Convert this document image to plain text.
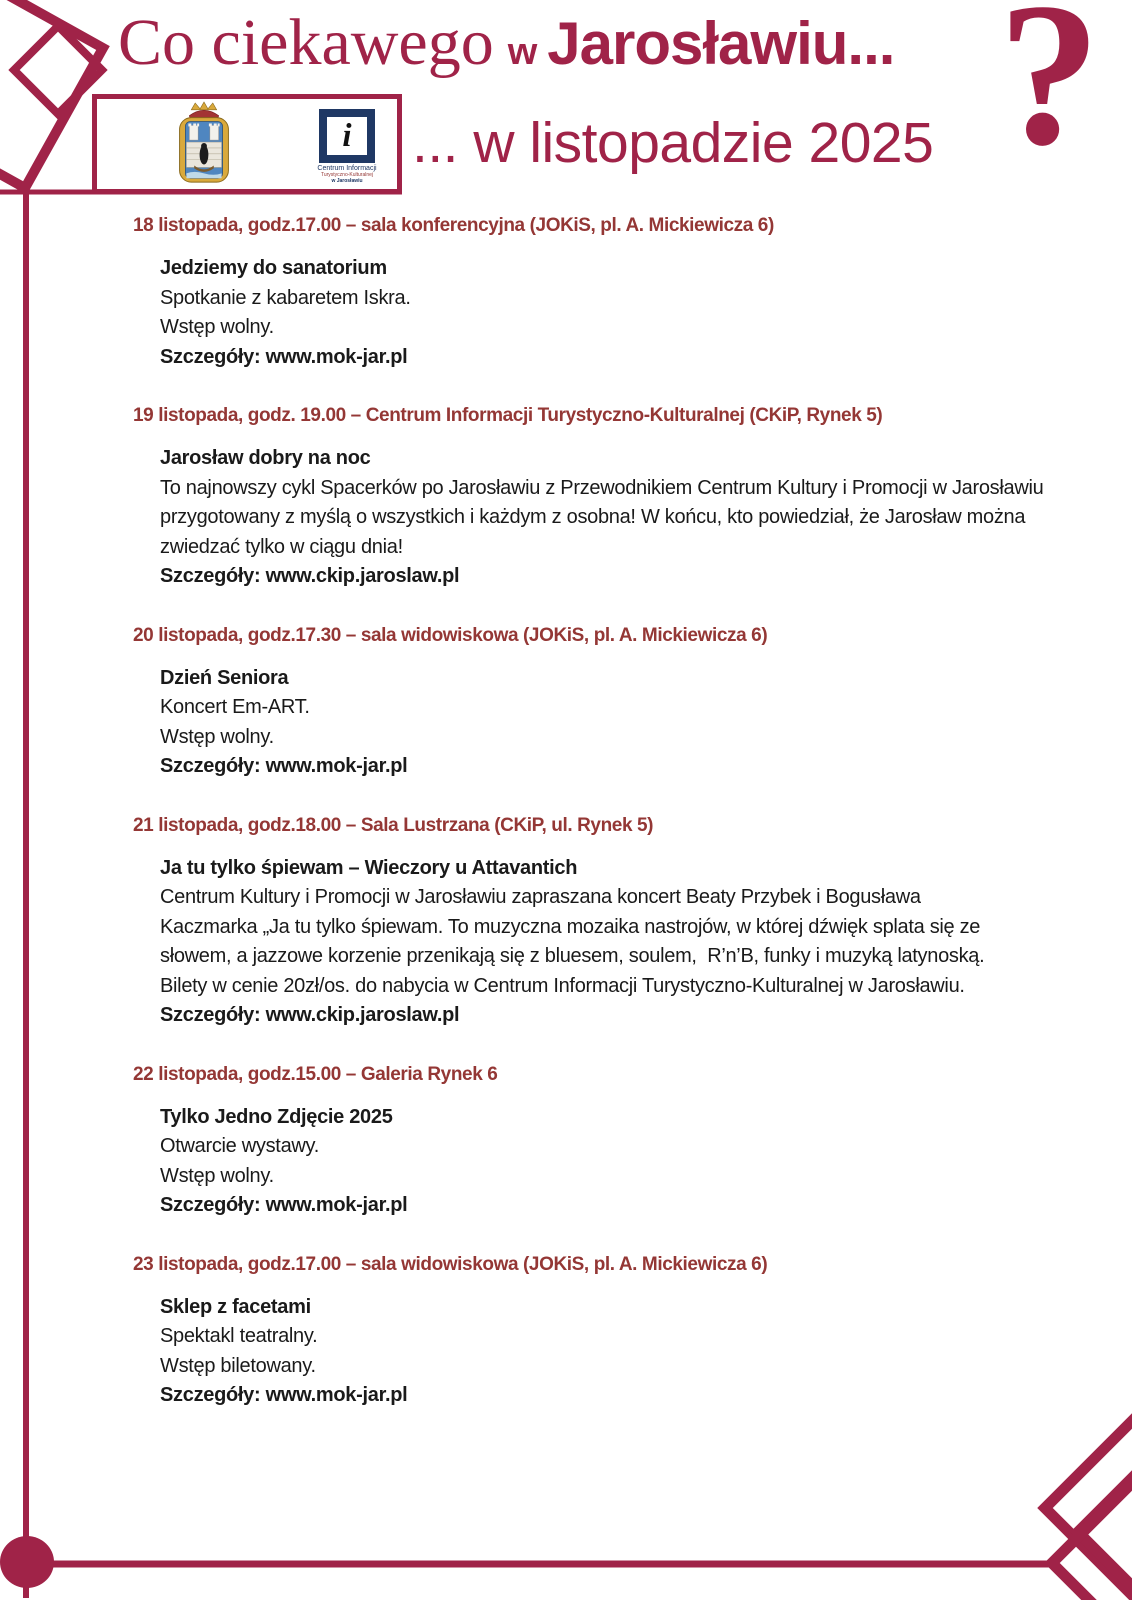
Co ciekawego w Jarosławiu...
... w listopadzie 2025 ?
i
Centrum Informacji
Turystyczno-Kulturalnej
w Jarosławiu
18 listopada, godz.17.00 – sala konferencyjna (JOKiS, pl. A. Mickiewicza 6)
Jedziemy do sanatorium
Spotkanie z kabaretem Iskra.
Wstęp wolny.
Szczegóły: www.mok-jar.pl
19 listopada, godz. 19.00 – Centrum Informacji Turystyczno-Kulturalnej (CKiP, Rynek 5)
Jarosław dobry na noc
To najnowszy cykl Spacerków po Jarosławiu z Przewodnikiem Centrum Kultury i Promocji w Jarosławiu
przygotowany z myślą o wszystkich i każdym z osobna! W końcu, kto powiedział, że Jarosław można
zwiedzać tylko w ciągu dnia!
Szczegóły: www.ckip.jaroslaw.pl
20 listopada, godz.17.30 – sala widowiskowa (JOKiS, pl. A. Mickiewicza 6)
Dzień Seniora
Koncert Em-ART.
Wstęp wolny.
Szczegóły: www.mok-jar.pl
21 listopada, godz.18.00 – Sala Lustrzana (CKiP, ul. Rynek 5)
Ja tu tylko śpiewam – Wieczory u Attavantich
Centrum Kultury i Promocji w Jarosławiu zapraszana koncert Beaty Przybek i Bogusława
Kaczmarka „Ja tu tylko śpiewam. To muzyczna mozaika nastrojów, w której dźwięk splata się ze
słowem, a jazzowe korzenie przenikają się z bluesem, soulem,  R’n’B, funky i muzyką latynoską.
Bilety w cenie 20zł/os. do nabycia w Centrum Informacji Turystyczno-Kulturalnej w Jarosławiu.
Szczegóły: www.ckip.jaroslaw.pl
22 listopada, godz.15.00 – Galeria Rynek 6
Tylko Jedno Zdjęcie 2025
Otwarcie wystawy.
Wstęp wolny.
Szczegóły: www.mok-jar.pl
23 listopada, godz.17.00 – sala widowiskowa (JOKiS, pl. A. Mickiewicza 6)
Sklep z facetami
Spektakl teatralny.
Wstęp biletowany.
Szczegóły: www.mok-jar.pl
